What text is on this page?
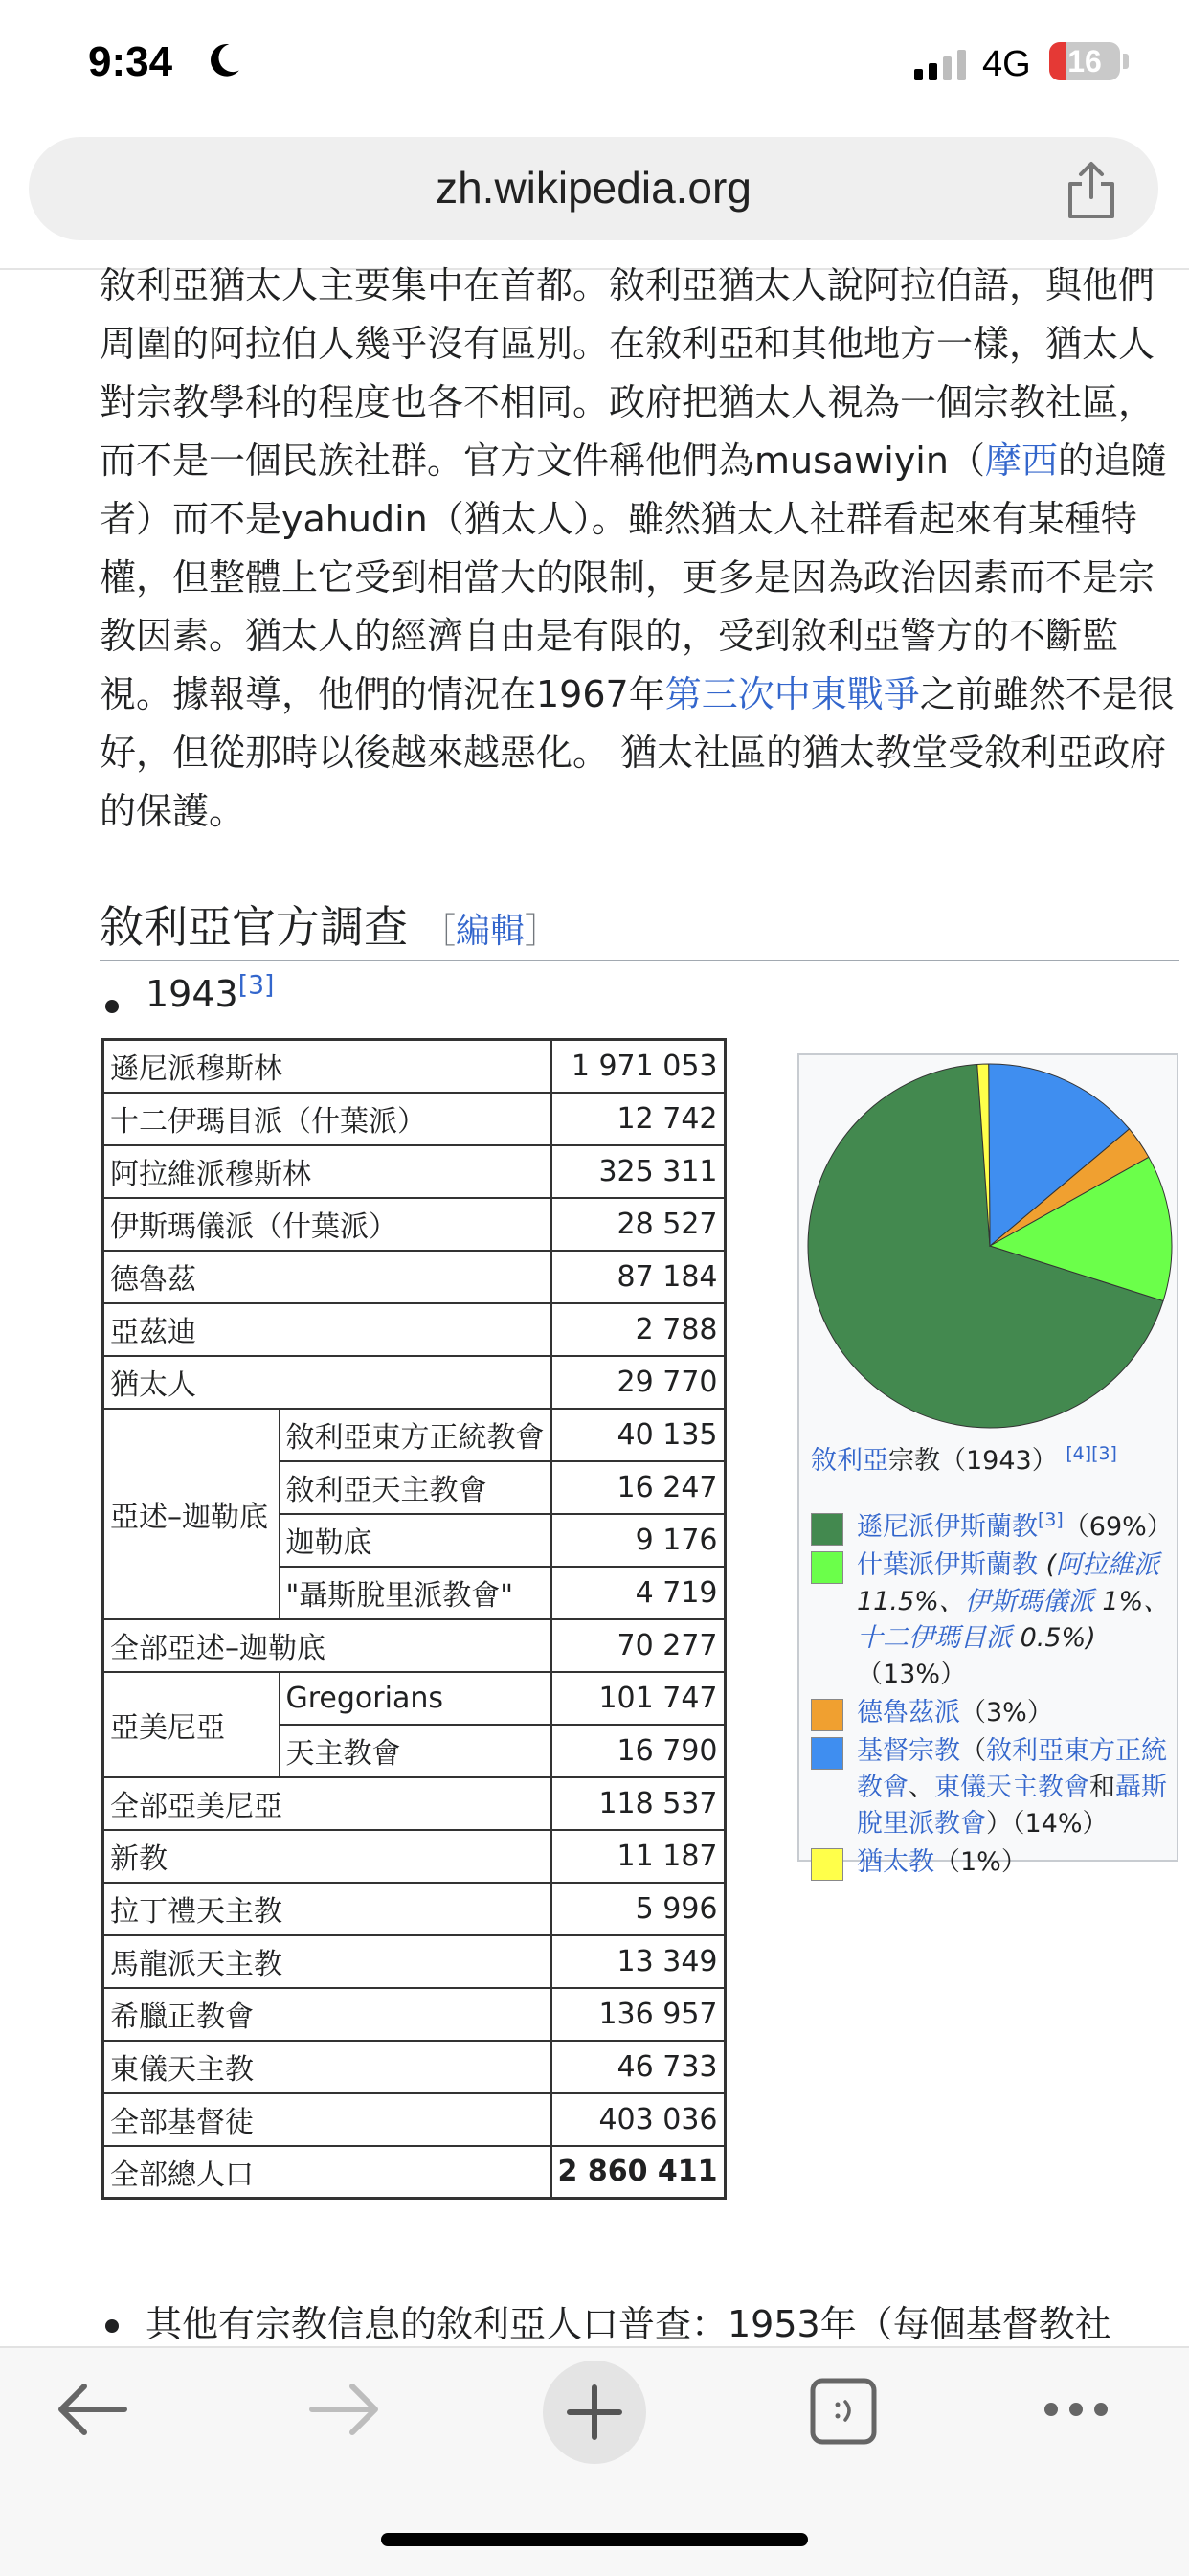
9:34	4G	16
zh.wikipedia.org

敘利亞猶太人主要集中在首都。敘利亞猶太人說阿拉伯語，與他們周圍的阿拉伯人幾乎沒有區別。在敘利亞和其他地方一樣，猶太人對宗教學科的程度也各不相同。政府把猶太人視為一個宗教社區，而不是一個民族社群。官方文件稱他們為musawiyin（摩西的追隨者）而不是yahudin（猶太人）。雖然猶太人社群看起來有某種特權，但整體上它受到相當大的限制，更多是因為政治因素而不是宗教因素。猶太人的經濟自由是有限的，受到敘利亞警方的不斷監視。據報導，他們的情況在1967年第三次中東戰爭之前雖然不是很好，但從那時以後越來越惡化。 猶太社區的猶太教堂受敘利亞政府的保護。

敘利亞官方調查 ［編輯］
1943[3]
遜尼派穆斯林		1 971 053
十二伊瑪目派（什葉派）		12 742
阿拉維派穆斯林		325 311
伊斯瑪儀派（什葉派）		28 527
德魯茲		87 184
亞茲迪		2 788
猶太人		29 770
亞述–迦勒底	敘利亞東方正統教會	40 135
	敘利亞天主教會	16 247
	迦勒底	9 176
	"聶斯脫里派教會"	4 719
全部亞述–迦勒底		70 277
亞美尼亞	Gregorians	101 747
	天主教會	16 790
全部亞美尼亞		118 537
新教		11 187
拉丁禮天主教		5 996
馬龍派天主教		13 349
希臘正教會		136 957
東儀天主教		46 733
全部基督徒		403 036
全部總人口		2 860 411
敘利亞宗教（1943） [4][3]
遜尼派伊斯蘭教[3]（69%）
什葉派伊斯蘭教 (阿拉維派 11.5%、伊斯瑪儀派 1%、十二伊瑪目派 0.5%)（13%）
德魯茲派（3%）
基督宗教（敘利亞東方正統教會、東儀天主教會和聶斯脫里派教會）（14%）
猶太教（1%）
其他有宗教信息的敘利亞人口普查：1953年（每個基督教社
